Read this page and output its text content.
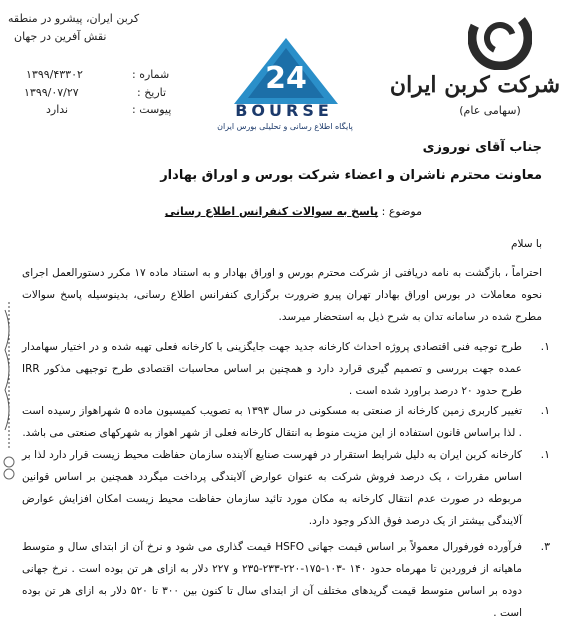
شرکت کربن ایران
(سهامی عام)
کربن ایران، پیشرو در منطقه
نقش آفرین در جهان
شماره :
۱۳۹۹/۴۳۳۰۲
تاریخ :
۱۳۹۹/۰۷/۲۷
پیوست :
ندارد
24
BOURSE
پایگاه اطلاع رسانی و تحلیلی بورس ایران
جناب آقای نوروزی
معاونت محترم ناشران و اعضاء شرکت بورس و اوراق بهادار
موضوع : پاسخ به سوالات کنفرانس اطلاع رسانی
با سلام
احتراماً ، بازگشت به نامه دریافتی از شرکت محترم بورس و اوراق بهادار و به استناد ماده ۱۷ مکرر دستورالعمل اجرای نحوه معاملات در بورس اوراق بهادار تهران پیرو ضرورت برگزاری کنفرانس اطلاع رسانی، بدینوسیله پاسخ سوالات مطرح شده در سامانه تدان به شرح ذیل به استحضار میرسد.
۱.
طرح توجیه فنی اقتصادی پروژه احداث کارخانه جدید جهت جایگزینی با کارخانه فعلی تهیه شده و در اختیار سهامدار عمده جهت بررسی و تصمیم گیری قرارد دارد و همچنین بر اساس محاسبات اقتصادی طرح توجیهی مذکور IRR طرح حدود ۲۰ درصد براورد شده است .
۱.
تغییر کاربری زمین کارخانه از صنعتی به مسکونی در سال ۱۳۹۳ به تصویب کمیسیون ماده ۵ شهراهواز رسیده است . لذا براساس قانون استفاده از این مزیت منوط به انتقال کارخانه فعلی از شهر اهواز به شهرکهای صنعتی می باشد.
۱.
کارخانه کربن ایران به دلیل شرایط استقرار در فهرست صنایع آلاینده سازمان حفاظت محیط زیست قرار دارد لذا بر اساس مقررات ، یک درصد فروش شرکت به عنوان عوارض آلایندگی پرداخت میگردد همچنین بر اساس قوانین مربوطه در صورت عدم انتقال کارخانه به مکان مورد تائید سازمان حفاظت محیط زیست امکان افزایش عوارض آلایندگی بیشتر از یک درصد فوق الذکر وجود دارد.
۳.
فرآورده فورفورال معمولاً بر اساس قیمت جهانی HSFO قیمت گذاری می شود و نرخ آن از ابتدای سال و متوسط ماهیانه از فروردین تا مهرماه حدود ۱۴۰ -۱۰۳-۱۷۵-۲۲۰-۲۳۳-۲۳۵ و ۲۲۷ دلار به ازای هر تن بوده است . نرخ جهانی دوده بر اساس متوسط قیمت گریدهای مختلف آن از ابتدای سال تا کنون بین ۳۰۰ تا ۵۲۰ دلار به ازای هر تن بوده است .
